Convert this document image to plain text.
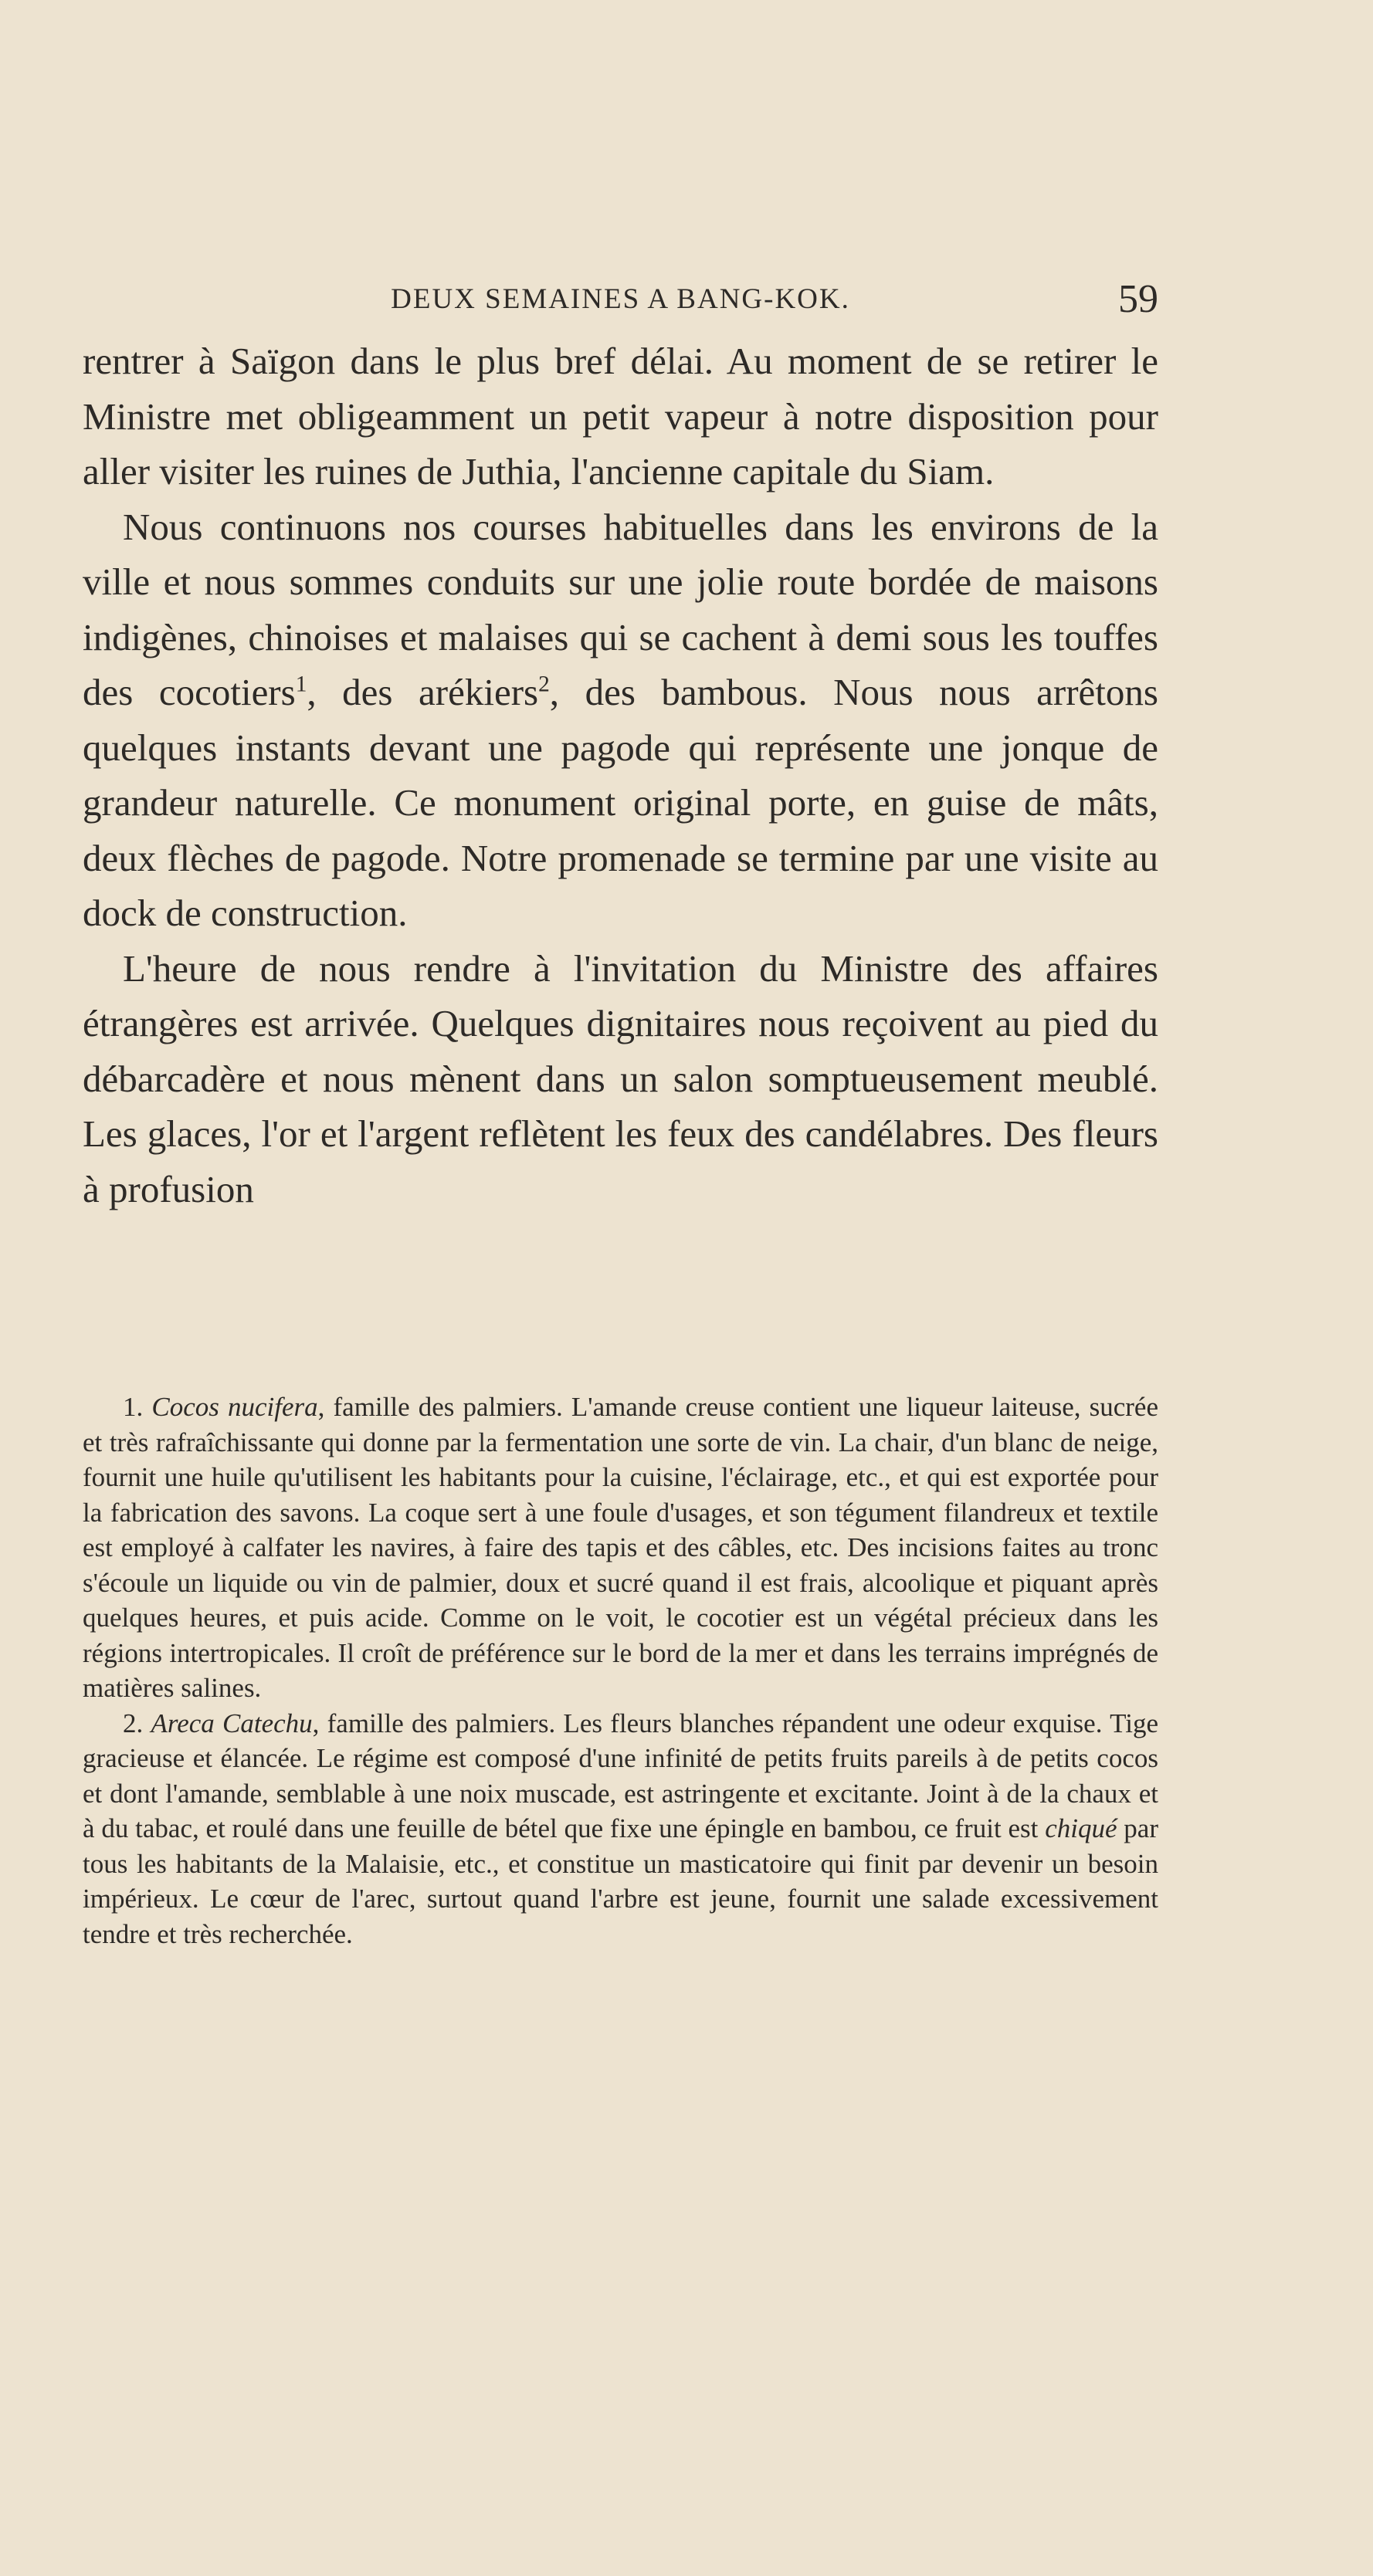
DEUX SEMAINES A BANG-KOK.	59

rentrer à Saïgon dans le plus bref délai. Au moment de se retirer le Ministre met obligeamment un petit vapeur à notre disposition pour aller visiter les ruines de Juthia, l'ancienne capitale du Siam.

Nous continuons nos courses habituelles dans les environs de la ville et nous sommes conduits sur une jolie route bordée de maisons indigènes, chinoises et malaises qui se cachent à demi sous les touffes des cocotiers$^1$, des arékiers$^2$, des bambous. Nous nous arrêtons quelques instants devant une pagode qui représente une jonque de grandeur naturelle. Ce monument original porte, en guise de mâts, deux flèches de pagode. Notre promenade se termine par une visite au dock de construction.

L'heure de nous rendre à l'invitation du Ministre des affaires étrangères est arrivée. Quelques dignitaires nous reçoivent au pied du débarcadère et nous mènent dans un salon somptueusement meublé. Les glaces, l'or et l'argent reflètent les feux des candélabres. Des fleurs à profusion

1. Cocos nucifera, famille des palmiers. L'amande creuse contient une liqueur laiteuse, sucrée et très rafraîchissante qui donne par la fermentation une sorte de vin. La chair, d'un blanc de neige, fournit une huile qu'utilisent les habitants pour la cuisine, l'éclairage, etc., et qui est exportée pour la fabrication des savons. La coque sert à une foule d'usages, et son tégument filandreux et textile est employé à calfater les navires, à faire des tapis et des câbles, etc. Des incisions faites au tronc s'écoule un liquide ou vin de palmier, doux et sucré quand il est frais, alcoolique et piquant après quelques heures, et puis acide. Comme on le voit, le cocotier est un végétal précieux dans les régions intertropicales. Il croît de préférence sur le bord de la mer et dans les terrains imprégnés de matières salines.

2. Areca Catechu, famille des palmiers. Les fleurs blanches répandent une odeur exquise. Tige gracieuse et élancée. Le régime est composé d'une infinité de petits fruits pareils à de petits cocos et dont l'amande, semblable à une noix muscade, est astringente et excitante. Joint à de la chaux et à du tabac, et roulé dans une feuille de bétel que fixe une épingle en bambou, ce fruit est chiqué par tous les habitants de la Malaisie, etc., et constitue un masticatoire qui finit par devenir un besoin impérieux. Le cœur de l'arec, surtout quand l'arbre est jeune, fournit une salade excessivement tendre et très recherchée.
